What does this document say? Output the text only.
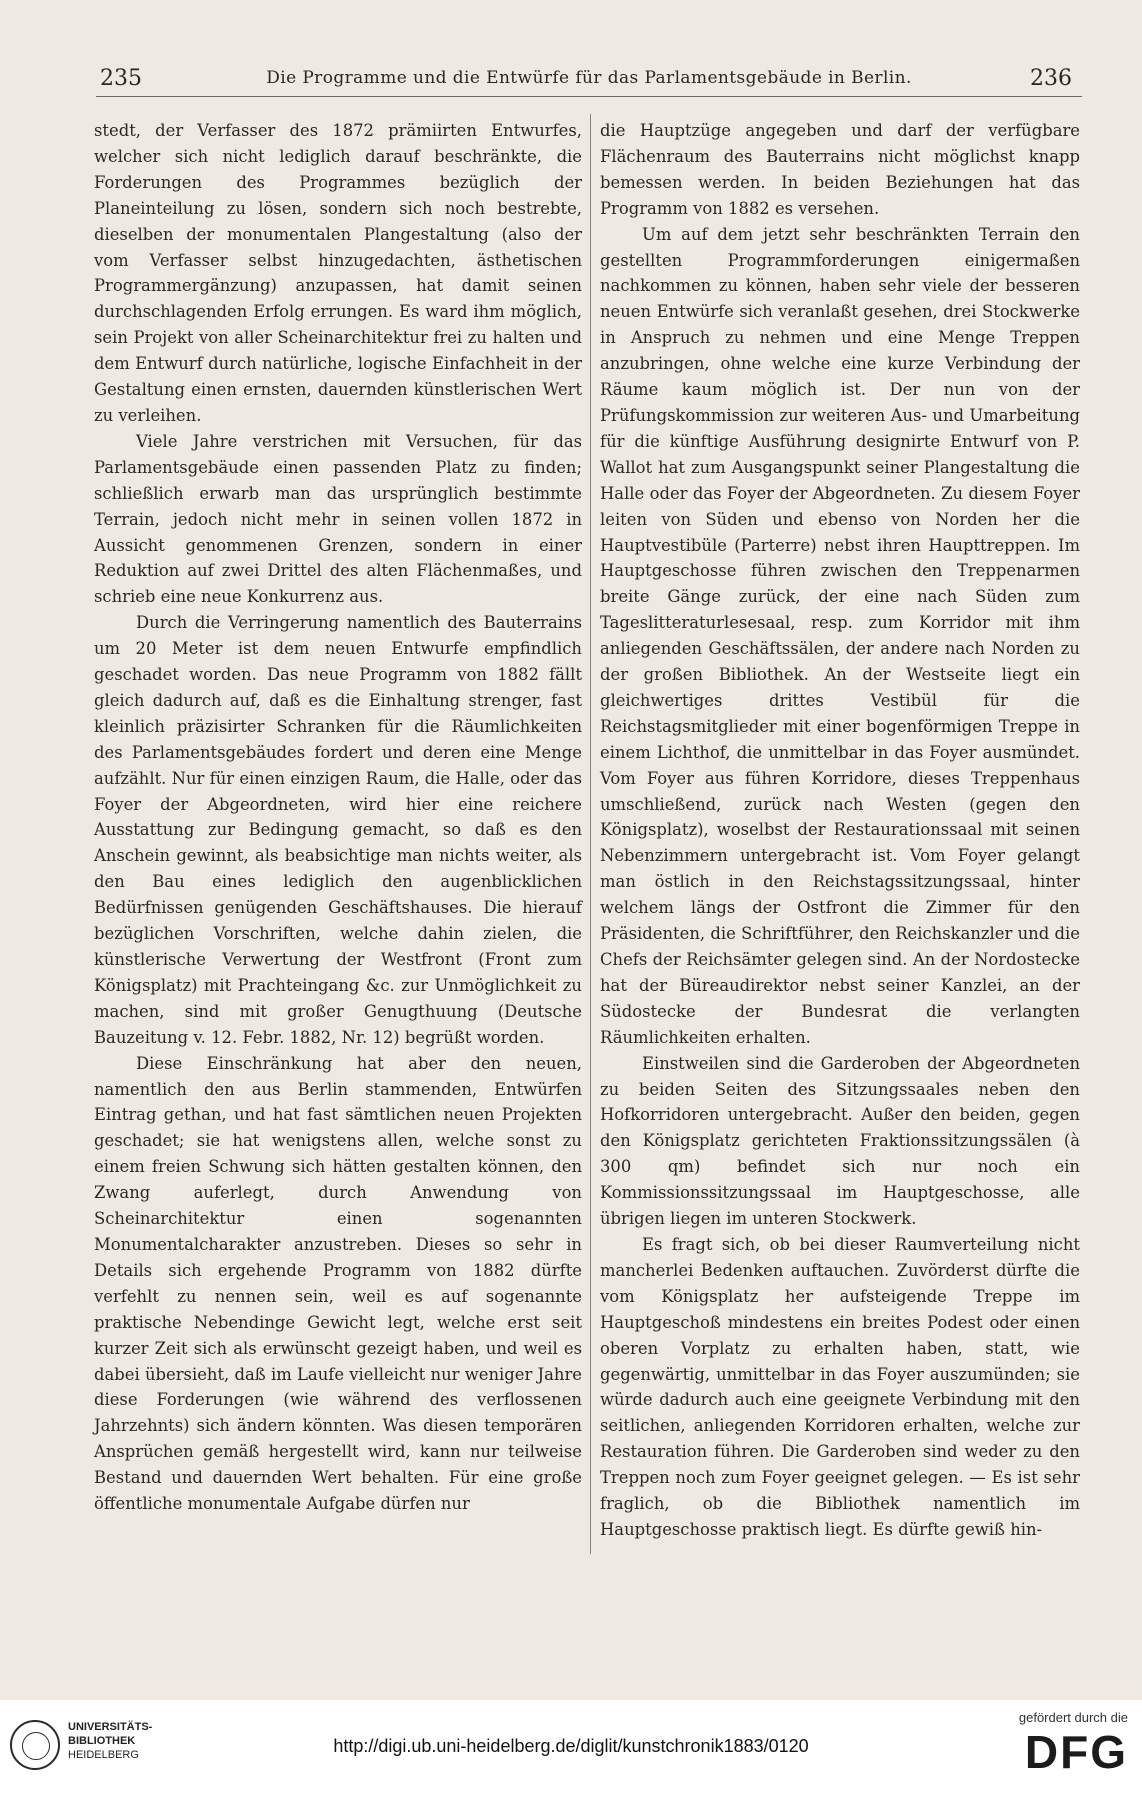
235	Die Programme und die Entwürfe für das Parlamentsgebäude in Berlin.	236

stedt, der Verfasser des 1872 prämiirten Entwurfes, welcher sich nicht lediglich darauf beschränkte, die Forderungen des Programmes bezüglich der Planeinteilung zu lösen, sondern sich noch bestrebte, dieselben der monumentalen Plangestaltung (also der vom Verfasser selbst hinzugedachten, ästhetischen Programmergänzung) anzupassen, hat damit seinen durchschlagenden Erfolg errungen. Es ward ihm möglich, sein Projekt von aller Scheinarchitektur frei zu halten und dem Entwurf durch natürliche, logische Einfachheit in der Gestaltung einen ernsten, dauernden künstlerischen Wert zu verleihen.

Viele Jahre verstrichen mit Versuchen, für das Parlamentsgebäude einen passenden Platz zu finden; schließlich erwarb man das ursprünglich bestimmte Terrain, jedoch nicht mehr in seinen vollen 1872 in Aussicht genommenen Grenzen, sondern in einer Reduktion auf zwei Drittel des alten Flächenmaßes, und schrieb eine neue Konkurrenz aus.

Durch die Verringerung namentlich des Bauterrains um 20 Meter ist dem neuen Entwurfe empfindlich geschadet worden. Das neue Programm von 1882 fällt gleich dadurch auf, daß es die Einhaltung strenger, fast kleinlich präzisirter Schranken für die Räumlichkeiten des Parlamentsgebäudes fordert und deren eine Menge aufzählt. Nur für einen einzigen Raum, die Halle, oder das Foyer der Abgeordneten, wird hier eine reichere Ausstattung zur Bedingung gemacht, so daß es den Anschein gewinnt, als beabsichtige man nichts weiter, als den Bau eines lediglich den augenblicklichen Bedürfnissen genügenden Geschäftshauses. Die hierauf bezüglichen Vorschriften, welche dahin zielen, die künstlerische Verwertung der Westfront (Front zum Königsplatz) mit Prachteingang &c. zur Unmöglichkeit zu machen, sind mit großer Genugthuung (Deutsche Bauzeitung v. 12. Febr. 1882, Nr. 12) begrüßt worden.

Diese Einschränkung hat aber den neuen, namentlich den aus Berlin stammenden, Entwürfen Eintrag gethan, und hat fast sämtlichen neuen Projekten geschadet; sie hat wenigstens allen, welche sonst zu einem freien Schwung sich hätten gestalten können, den Zwang auferlegt, durch Anwendung von Scheinarchitektur einen sogenannten Monumentalcharakter anzustreben. Dieses so sehr in Details sich ergehende Programm von 1882 dürfte verfehlt zu nennen sein, weil es auf sogenannte praktische Nebendinge Gewicht legt, welche erst seit kurzer Zeit sich als erwünscht gezeigt haben, und weil es dabei übersieht, daß im Laufe vielleicht nur weniger Jahre diese Forderungen (wie während des verflossenen Jahrzehnts) sich ändern könnten. Was diesen temporären Ansprüchen gemäß hergestellt wird, kann nur teilweise Bestand und dauernden Wert behalten. Für eine große öffentliche monumentale Aufgabe dürfen nur

die Hauptzüge angegeben und darf der verfügbare Flächenraum des Bauterrains nicht möglichst knapp bemessen werden. In beiden Beziehungen hat das Programm von 1882 es versehen.

Um auf dem jetzt sehr beschränkten Terrain den gestellten Programmforderungen einigermaßen nachkommen zu können, haben sehr viele der besseren neuen Entwürfe sich veranlaßt gesehen, drei Stockwerke in Anspruch zu nehmen und eine Menge Treppen anzubringen, ohne welche eine kurze Verbindung der Räume kaum möglich ist. Der nun von der Prüfungskommission zur weiteren Aus- und Umarbeitung für die künftige Ausführung designirte Entwurf von P. Wallot hat zum Ausgangspunkt seiner Plangestaltung die Halle oder das Foyer der Abgeordneten. Zu diesem Foyer leiten von Süden und ebenso von Norden her die Hauptvestibüle (Parterre) nebst ihren Haupttreppen. Im Hauptgeschosse führen zwischen den Treppenarmen breite Gänge zurück, der eine nach Süden zum Tageslitteraturlesesaal, resp. zum Korridor mit ihm anliegenden Geschäftssälen, der andere nach Norden zu der großen Bibliothek. An der Westseite liegt ein gleichwertiges drittes Vestibül für die Reichstagsmitglieder mit einer bogenförmigen Treppe in einem Lichthof, die unmittelbar in das Foyer ausmündet. Vom Foyer aus führen Korridore, dieses Treppenhaus umschließend, zurück nach Westen (gegen den Königsplatz), woselbst der Restaurationssaal mit seinen Nebenzimmern untergebracht ist. Vom Foyer gelangt man östlich in den Reichstagssitzungssaal, hinter welchem längs der Ostfront die Zimmer für den Präsidenten, die Schriftführer, den Reichskanzler und die Chefs der Reichsämter gelegen sind. An der Nordostecke hat der Büreaudirektor nebst seiner Kanzlei, an der Südostecke der Bundesrat die verlangten Räumlichkeiten erhalten.

Einstweilen sind die Garderoben der Abgeordneten zu beiden Seiten des Sitzungssaales neben den Hofkorridoren untergebracht. Außer den beiden, gegen den Königsplatz gerichteten Fraktionssitzungssälen (à 300 qm) befindet sich nur noch ein Kommissionssitzungssaal im Hauptgeschosse, alle übrigen liegen im unteren Stockwerk.

Es fragt sich, ob bei dieser Raumverteilung nicht mancherlei Bedenken auftauchen. Zuvörderst dürfte die vom Königsplatz her aufsteigende Treppe im Hauptgeschoß mindestens ein breites Podest oder einen oberen Vorplatz zu erhalten haben, statt, wie gegenwärtig, unmittelbar in das Foyer auszumünden; sie würde dadurch auch eine geeignete Verbindung mit den seitlichen, anliegenden Korridoren erhalten, welche zur Restauration führen. Die Garderoben sind weder zu den Treppen noch zum Foyer geeignet gelegen. — Es ist sehr fraglich, ob die Bibliothek namentlich im Hauptgeschosse praktisch liegt. Es dürfte gewiß hin-

UNIVERSITÄTS-
BIBLIOTHEK
HEIDELBERG	http://digi.ub.uni-heidelberg.de/diglit/kunstchronik1883/0120
gefördert durch die
DFG
